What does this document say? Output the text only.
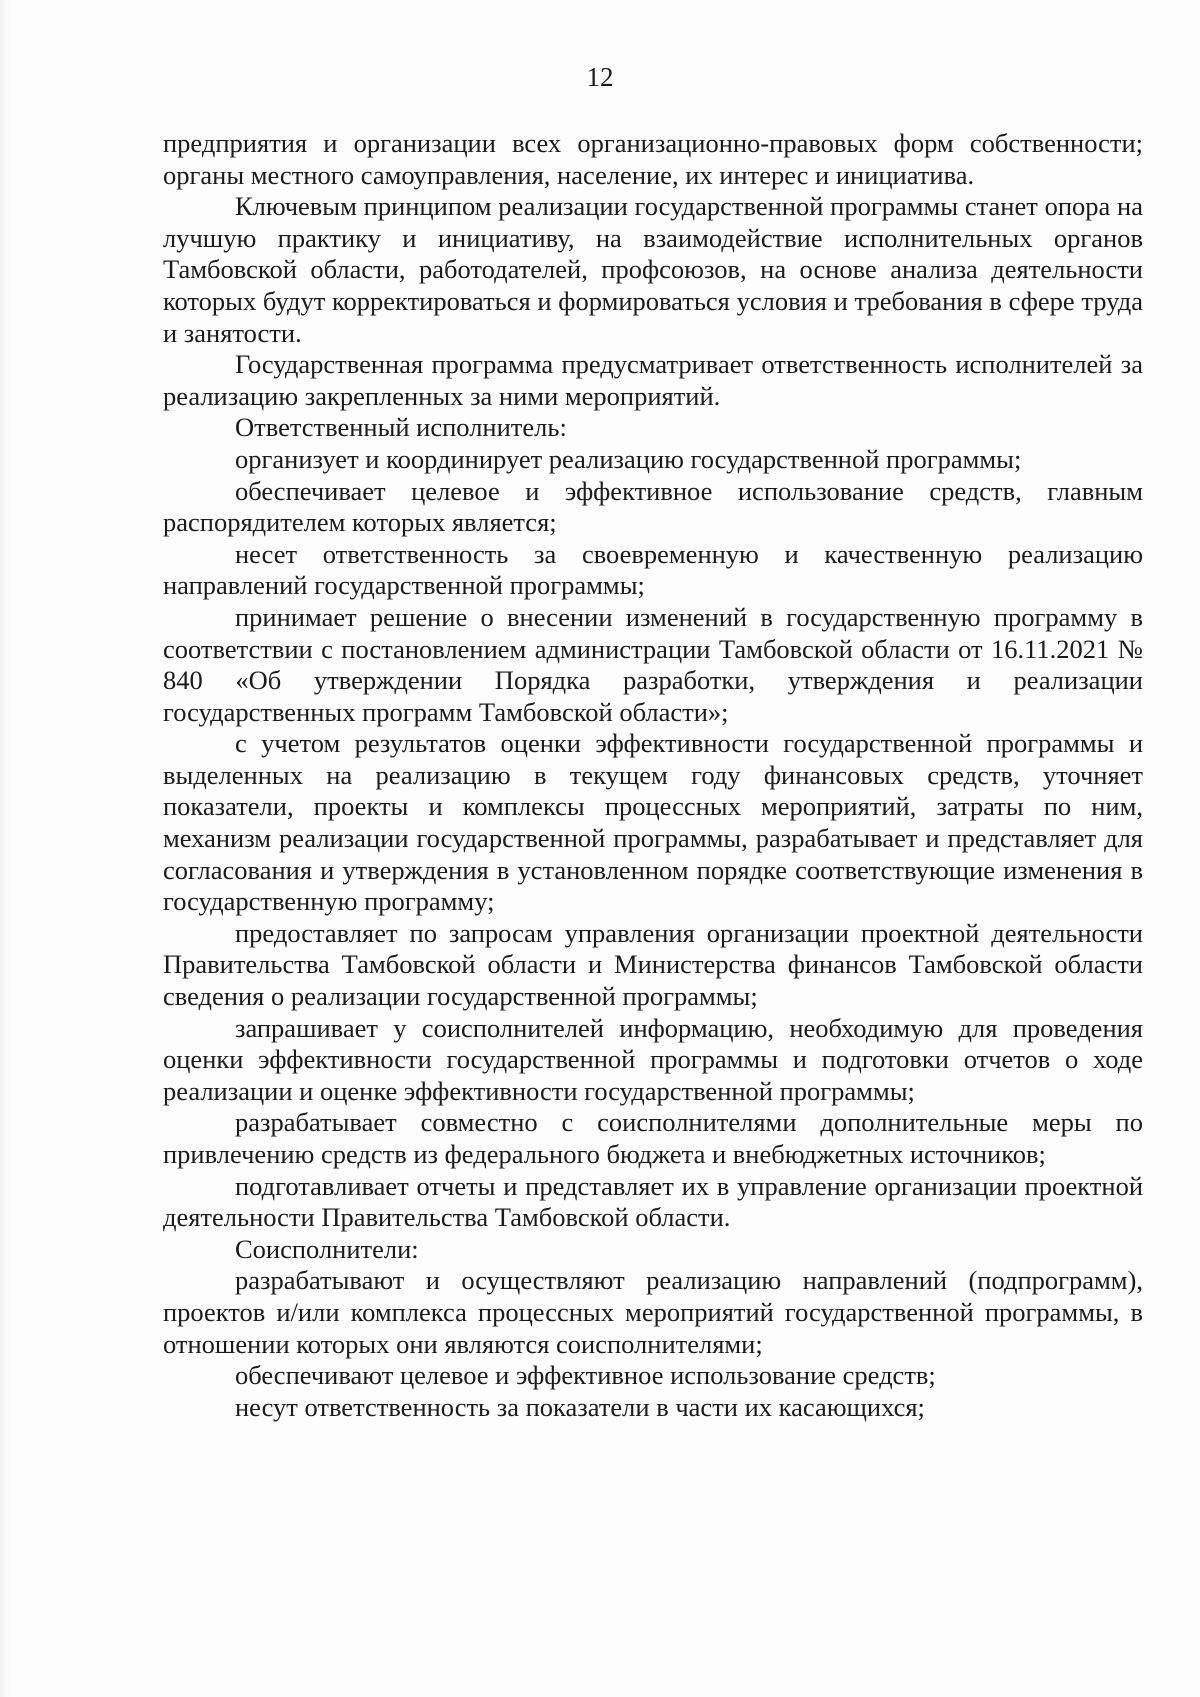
12

предприятия и организации всех организационно-правовых форм собственности; органы местного самоуправления, население, их интерес и инициатива.

Ключевым принципом реализации государственной программы станет опора на лучшую практику и инициативу, на взаимодействие исполнительных органов Тамбовской области, работодателей, профсоюзов, на основе анализа деятельности которых будут корректироваться и формироваться условия и требования в сфере труда и занятости.

Государственная программа предусматривает ответственность исполнителей за реализацию закрепленных за ними мероприятий.

Ответственный исполнитель:

организует и координирует реализацию государственной программы;

обеспечивает целевое и эффективное использование средств, главным распорядителем которых является;

несет ответственность за своевременную и качественную реализацию направлений государственной программы;

принимает решение о внесении изменений в государственную программу в соответствии с постановлением администрации Тамбовской области от 16.11.2021 № 840 «Об утверждении Порядка разработки, утверждения и реализации государственных программ Тамбовской области»;

с учетом результатов оценки эффективности государственной программы и выделенных на реализацию в текущем году финансовых средств, уточняет показатели, проекты и комплексы процессных мероприятий, затраты по ним, механизм реализации государственной программы, разрабатывает и представляет для согласования и утверждения в установленном порядке соответствующие изменения в государственную программу;

предоставляет по запросам управления организации проектной деятельности Правительства Тамбовской области и Министерства финансов Тамбовской области сведения о реализации государственной программы;

запрашивает у соисполнителей информацию, необходимую для проведения оценки эффективности государственной программы и подготовки отчетов о ходе реализации и оценке эффективности государственной программы;

разрабатывает совместно с соисполнителями дополнительные меры по привлечению средств из федерального бюджета и внебюджетных источников;

подготавливает отчеты и представляет их в управление организации проектной деятельности Правительства Тамбовской области.

Соисполнители:

разрабатывают и осуществляют реализацию направлений (подпрограмм), проектов и/или комплекса процессных мероприятий государственной программы, в отношении которых они являются соисполнителями;

обеспечивают целевое и эффективное использование средств;

несут ответственность за показатели в части их касающихся;
